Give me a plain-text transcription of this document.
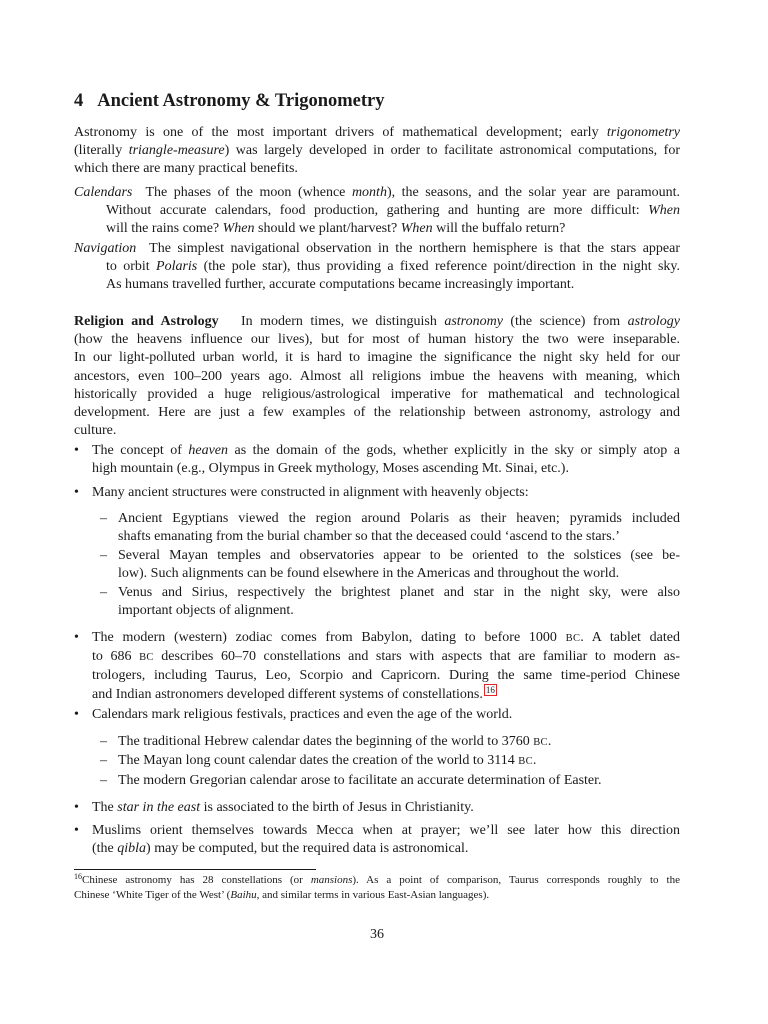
4 Ancient Astronomy & Trigonometry
Astronomy is one of the most important drivers of mathematical development; early trigonometry
(literally triangle-measure) was largely developed in order to facilitate astronomical computations, for
which there are many practical benefits.
Calendars The phases of the moon (whence month), the seasons, and the solar year are paramount.
Without accurate calendars, food production, gathering and hunting are more difficult: When
will the rains come? When should we plant/harvest? When will the buffalo return?
Navigation The simplest navigational observation in the northern hemisphere is that the stars appear
to orbit Polaris (the pole star), thus providing a fixed reference point/direction in the night sky.
As humans travelled further, accurate computations became increasingly important.
Religion and Astrology In modern times, we distinguish astronomy (the science) from astrology
(how the heavens influence our lives), but for most of human history the two were inseparable.
In our light-polluted urban world, it is hard to imagine the significance the night sky held for our
ancestors, even 100–200 years ago. Almost all religions imbue the heavens with meaning, which
historically provided a huge religious/astrological imperative for mathematical and technological
development. Here are just a few examples of the relationship between astronomy, astrology and
culture.
• The concept of heaven as the domain of the gods, whether explicitly in the sky or simply atop a
high mountain (e.g., Olympus in Greek mythology, Moses ascending Mt. Sinai, etc.).
• Many ancient structures were constructed in alignment with heavenly objects:
– Ancient Egyptians viewed the region around Polaris as their heaven; pyramids included
shafts emanating from the burial chamber so that the deceased could ‘ascend to the stars.’
– Several Mayan temples and observatories appear to be oriented to the solstices (see be-
low). Such alignments can be found elsewhere in the Americas and throughout the world.
– Venus and Sirius, respectively the brightest planet and star in the night sky, were also
important objects of alignment.
• The modern (western) zodiac comes from Babylon, dating to before 1000 BC. A tablet dated
to 686 BC describes 60–70 constellations and stars with aspects that are familiar to modern as-
trologers, including Taurus, Leo, Scorpio and Capricorn. During the same time-period Chinese
and Indian astronomers developed different systems of constellations. $^{16}$
• Calendars mark religious festivals, practices and even the age of the world.
– The traditional Hebrew calendar dates the beginning of the world to 3760 BC.
– The Mayan long count calendar dates the creation of the world to 3114 BC.
– The modern Gregorian calendar arose to facilitate an accurate determination of Easter.
• The star in the east is associated to the birth of Jesus in Christianity.
• Muslims orient themselves towards Mecca when at prayer; we’ll see later how this direction
(the qibla) may be computed, but the required data is astronomical.
$^{16}$Chinese astronomy has 28 constellations (or mansions). As a point of comparison, Taurus corresponds roughly to the
Chinese ‘White Tiger of the West’ (Baihu, and similar terms in various East-Asian languages).
36
